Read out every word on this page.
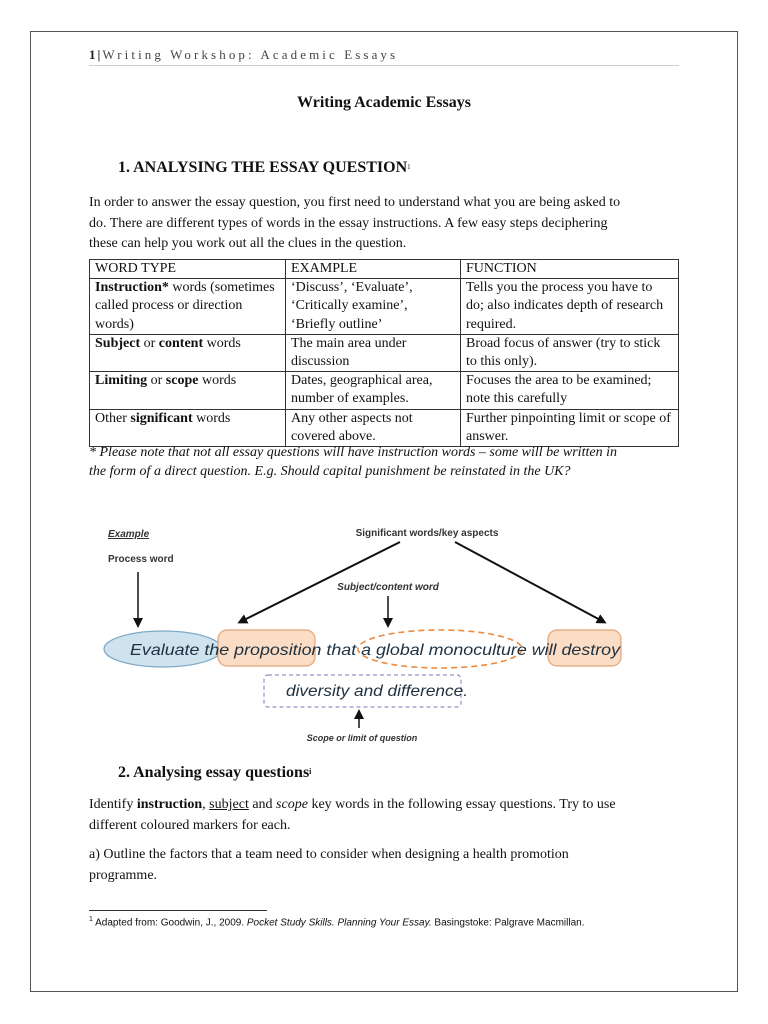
1 | Writing Workshop: Academic Essays
Writing Academic Essays
1. ANALYSING THE ESSAY QUESTION$^1$

In order to answer the essay question, you first need to understand what you are being asked to

do. There are different types of words in the essay instructions. A few easy steps deciphering

these can help you work out all the clues in the question.

WORD TYPE	EXAMPLE	FUNCTION
Instruction* words (sometimes called process or direction words)	‘Discuss’, ‘Evaluate’, ‘Critically examine’, ‘Briefly outline’	Tells you the process you have to do; also indicates depth of research required.
Subject or content words	The main area under discussion	Broad focus of answer (try to stick to this only).
Limiting or scope words	Dates, geographical area, number of examples.	Focuses the area to be examined; note this carefully
Other significant words	Any other aspects not covered above.	Further pinpointing limit or scope of answer.
* Please note that not all essay questions will have instruction words – some will be written in
the form of a direct question. E.g. Should capital punishment be reinstated in the UK?
Example
Process word
Significant words/key aspects
Subject/content word
Evaluate the proposition that a global monoculture will destroy
diversity and difference.
Scope or limit of question
2. Analysing essay questions$^i$

Identify instruction, subject and scope key words in the following essay questions. Try to use

different coloured markers for each.

a) Outline the factors that a team need to consider when designing a health promotion

programme.

$^1$ Adapted from: Goodwin, J., 2009. Pocket Study Skills. Planning Your Essay. Basingstoke: Palgrave Macmillan.
